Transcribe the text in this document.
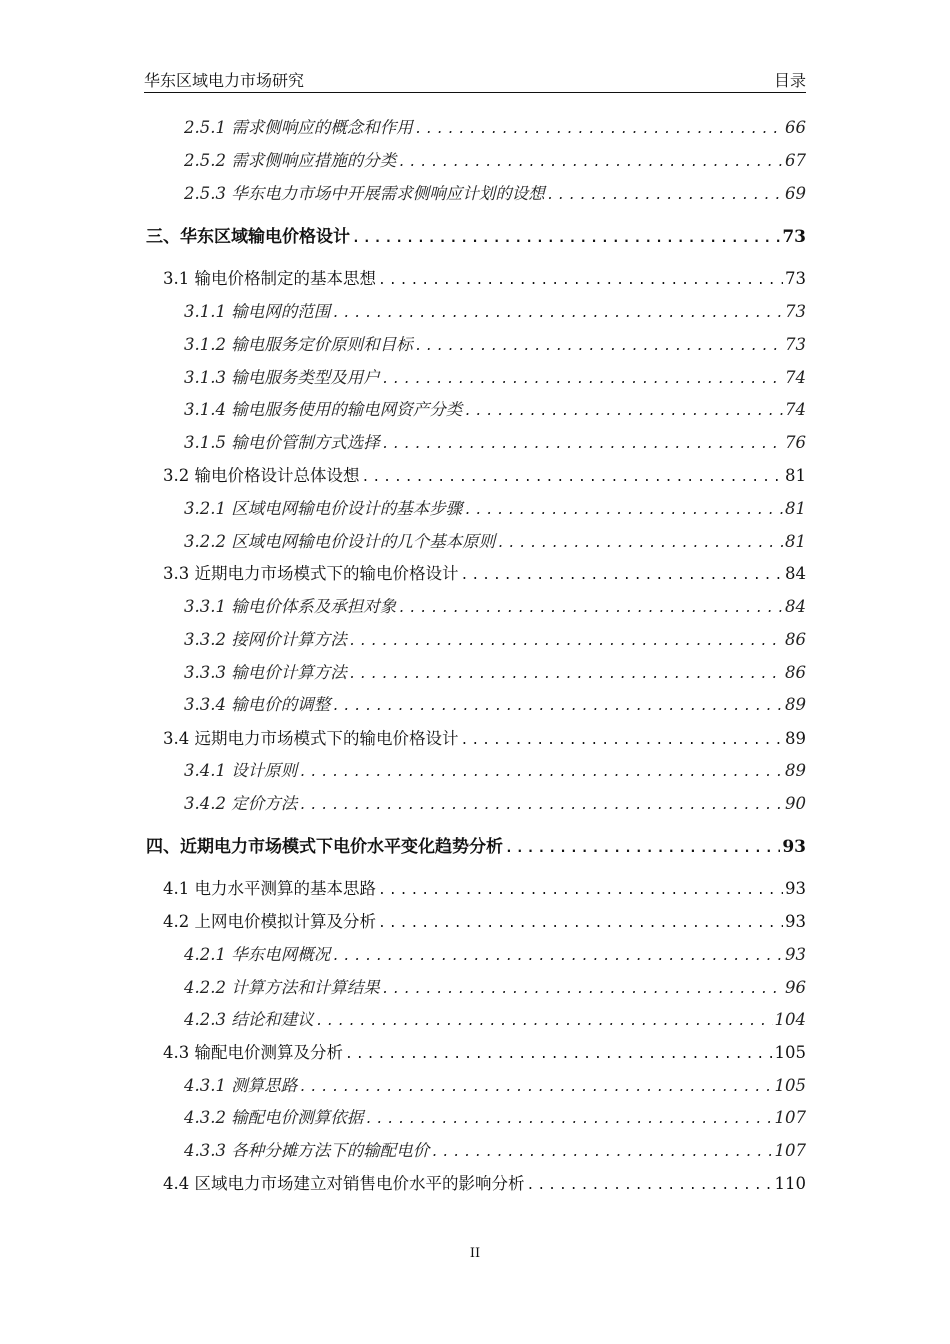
华东区域电力市场研究	目录
2.5.1 需求侧响应的概念和作用 .....	66
2.5.2 需求侧响应措施的分类 .....	67
2.5.3 华东电力市场中开展需求侧响应计划的设想 .....	69
三、华东区域输电价格设计 .....	73
3.1 输电价格制定的基本思想 .....	73
3.1.1 输电网的范围 .....	73
3.1.2 输电服务定价原则和目标 .....	73
3.1.3 输电服务类型及用户 .....	74
3.1.4 输电服务使用的输电网资产分类 .....	74
3.1.5 输电价管制方式选择 .....	76
3.2 输电价格设计总体设想 .....	81
3.2.1 区域电网输电价设计的基本步骤 .....	81
3.2.2 区域电网输电价设计的几个基本原则 .....	81
3.3 近期电力市场模式下的输电价格设计 .....	84
3.3.1 输电价体系及承担对象 .....	84
3.3.2 接网价计算方法 .....	86
3.3.3 输电价计算方法 .....	86
3.3.4 输电价的调整 .....	89
3.4 远期电力市场模式下的输电价格设计 .....	89
3.4.1 设计原则 .....	89
3.4.2 定价方法 .....	90
四、近期电力市场模式下电价水平变化趋势分析 .....	93
4.1 电力水平测算的基本思路 .....	93
4.2 上网电价模拟计算及分析 .....	93
4.2.1 华东电网概况 .....	93
4.2.2 计算方法和计算结果 .....	96
4.2.3 结论和建议 .....	104
4.3 输配电价测算及分析 .....	105
4.3.1 测算思路 .....	105
4.3.2 输配电价测算依据 .....	107
4.3.3 各种分摊方法下的输配电价 .....	107
4.4 区域电力市场建立对销售电价水平的影响分析 .....	110
II
